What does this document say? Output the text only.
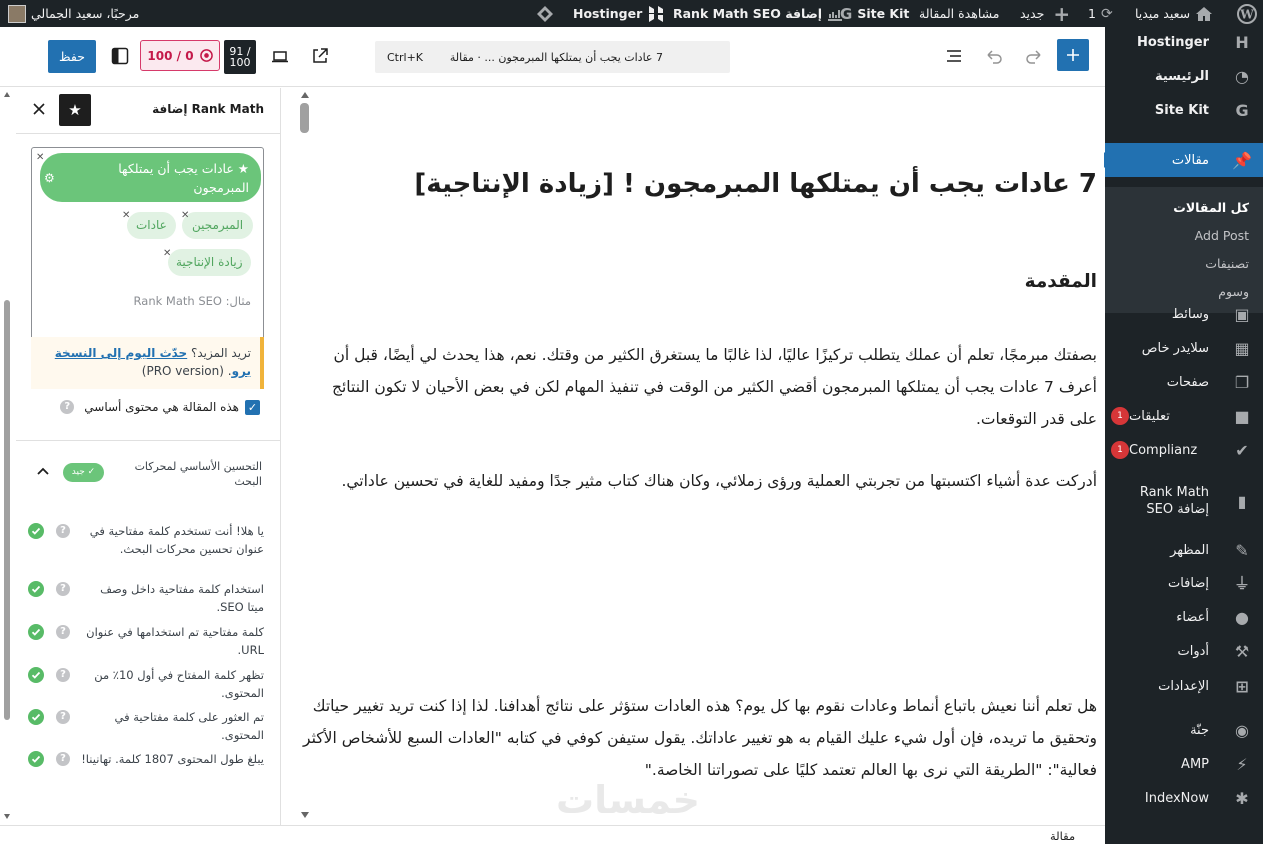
مرحبًا، سعيد الجمالي	Hostinger Rank Math SEO إضافة G Site Kit مشاهدة المقالة جديد + 1 ⟳ سعيد ميديا	W
حفظ	100 / 0	91 / 100	Ctrl+K 7 عادات يجب أن يمتلكها المبرمجون ... · مقالة
★	Rank Math إضافة
★ عادات يجب أن يمتلكها المبرمجون
⚙
✕
المبرمجين
✕
عادات
✕
زيادة الإنتاجية
✕
مثال: Rank Math SEO
تريد المزيد؟ حدّث اليوم إلى النسخة برو. (PRO version)
✓
هذه المقالة هي محتوى أساسي
?
✓ جيد	التحسين الأساسي لمحركات البحث
يا هلا! أنت تستخدم كلمة مفتاحية في عنوان تحسين محركات البحث.
?
استخدام كلمة مفتاحية داخل وصف ميتا SEO.
?
كلمة مفتاحية تم استخدامها في عنوان URL.
?
تظهر كلمة المفتاح في أول 10٪ من المحتوى.
?
تم العثور على كلمة مفتاحية في المحتوى.
?
يبلغ طول المحتوى 1807 كلمة. تهانينا!
?
7 عادات يجب أن يمتلكها المبرمجون ! [زيادة الإنتاجية]
المقدمة

بصفتك مبرمجًا، تعلم أن عملك يتطلب تركيزًا عاليًا، لذا غالبًا ما يستغرق الكثير من وقتك. نعم، هذا يحدث لي أيضًا، قبل أن أعرف 7 عادات يجب أن يمتلكها المبرمجون أقضي الكثير من الوقت في تنفيذ المهام لكن في بعض الأحيان لا تكون النتائج على قدر التوقعات.

أدركت عدة أشياء اكتسبتها من تجربتي العملية ورؤى زملائي، وكان هناك كتاب مثير جدًا ومفيد للغاية في تحسين عاداتي.

هل تعلم أننا نعيش باتباع أنماط وعادات نقوم بها كل يوم؟ هذه العادات ستؤثر على نتائج أهدافنا. لذا إذا كنت تريد تغيير حياتك وتحقيق ما تريده، فإن أول شيء عليك القيام به هو تغيير عاداتك. يقول ستيفن كوفي في كتابه "العادات السبع للأشخاص الأكثر فعالية": "الطريقة التي نرى بها العالم تعتمد كليًا على تصوراتنا الخاصة."

خمسات
مقالة
كل المقالات
Add Post
تصنيفات
وسوم
Hostinger H
الرئيسية ◔
Site Kit G
مقالات 📌
وسائط ▣
سلايدر خاص ▦
صفحات ❐
تعليقات
1	■
Complianz
1	✔
Rank Math إضافة SEO	▮
المظهر ✎
إضافات ⏚
أعضاء ●
أدوات ⚒
الإعدادات ⊞
جنّة ◉
AMP ⚡
IndexNow ✱
